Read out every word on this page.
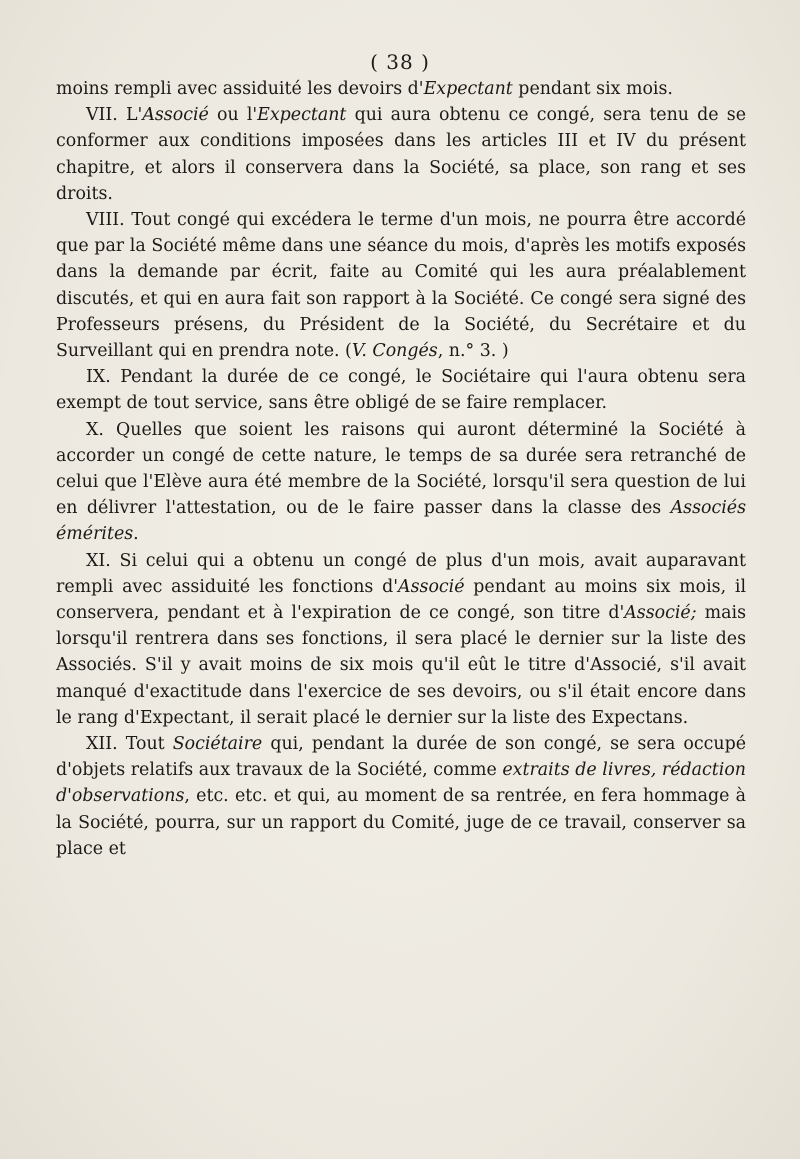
( 38 )

moins rempli avec assiduité les devoirs d'Expectant pendant six mois.

VII. L'Associé ou l'Expectant qui aura obtenu ce congé, sera tenu de se conformer aux conditions imposées dans les articles III et IV du présent chapitre, et alors il conservera dans la Société, sa place, son rang et ses droits.

VIII. Tout congé qui excédera le terme d'un mois, ne pourra être accordé que par la Société même dans une séance du mois, d'après les motifs exposés dans la demande par écrit, faite au Comité qui les aura préalablement discutés, et qui en aura fait son rapport à la Société. Ce congé sera signé des Professeurs présens, du Président de la Société, du Secrétaire et du Surveillant qui en prendra note. (V. Congés, n.° 3. )

IX. Pendant la durée de ce congé, le Sociétaire qui l'aura obtenu sera exempt de tout service, sans être obligé de se faire remplacer.

X. Quelles que soient les raisons qui auront déterminé la Société à accorder un congé de cette nature, le temps de sa durée sera retranché de celui que l'Elève aura été membre de la Société, lorsqu'il sera question de lui en délivrer l'attestation, ou de le faire passer dans la classe des Associés émérites.

XI. Si celui qui a obtenu un congé de plus d'un mois, avait auparavant rempli avec assiduité les fonctions d'Associé pendant au moins six mois, il conservera, pendant et à l'expiration de ce congé, son titre d'Associé; mais lorsqu'il rentrera dans ses fonctions, il sera placé le dernier sur la liste des Associés. S'il y avait moins de six mois qu'il eût le titre d'Associé, s'il avait manqué d'exactitude dans l'exercice de ses devoirs, ou s'il était encore dans le rang d'Expectant, il serait placé le dernier sur la liste des Expectans.

XII. Tout Sociétaire qui, pendant la durée de son congé, se sera occupé d'objets relatifs aux travaux de la Société, comme extraits de livres, rédaction d'observations, etc. etc. et qui, au moment de sa rentrée, en fera hommage à la Société, pourra, sur un rapport du Comité, juge de ce travail, conserver sa place et
